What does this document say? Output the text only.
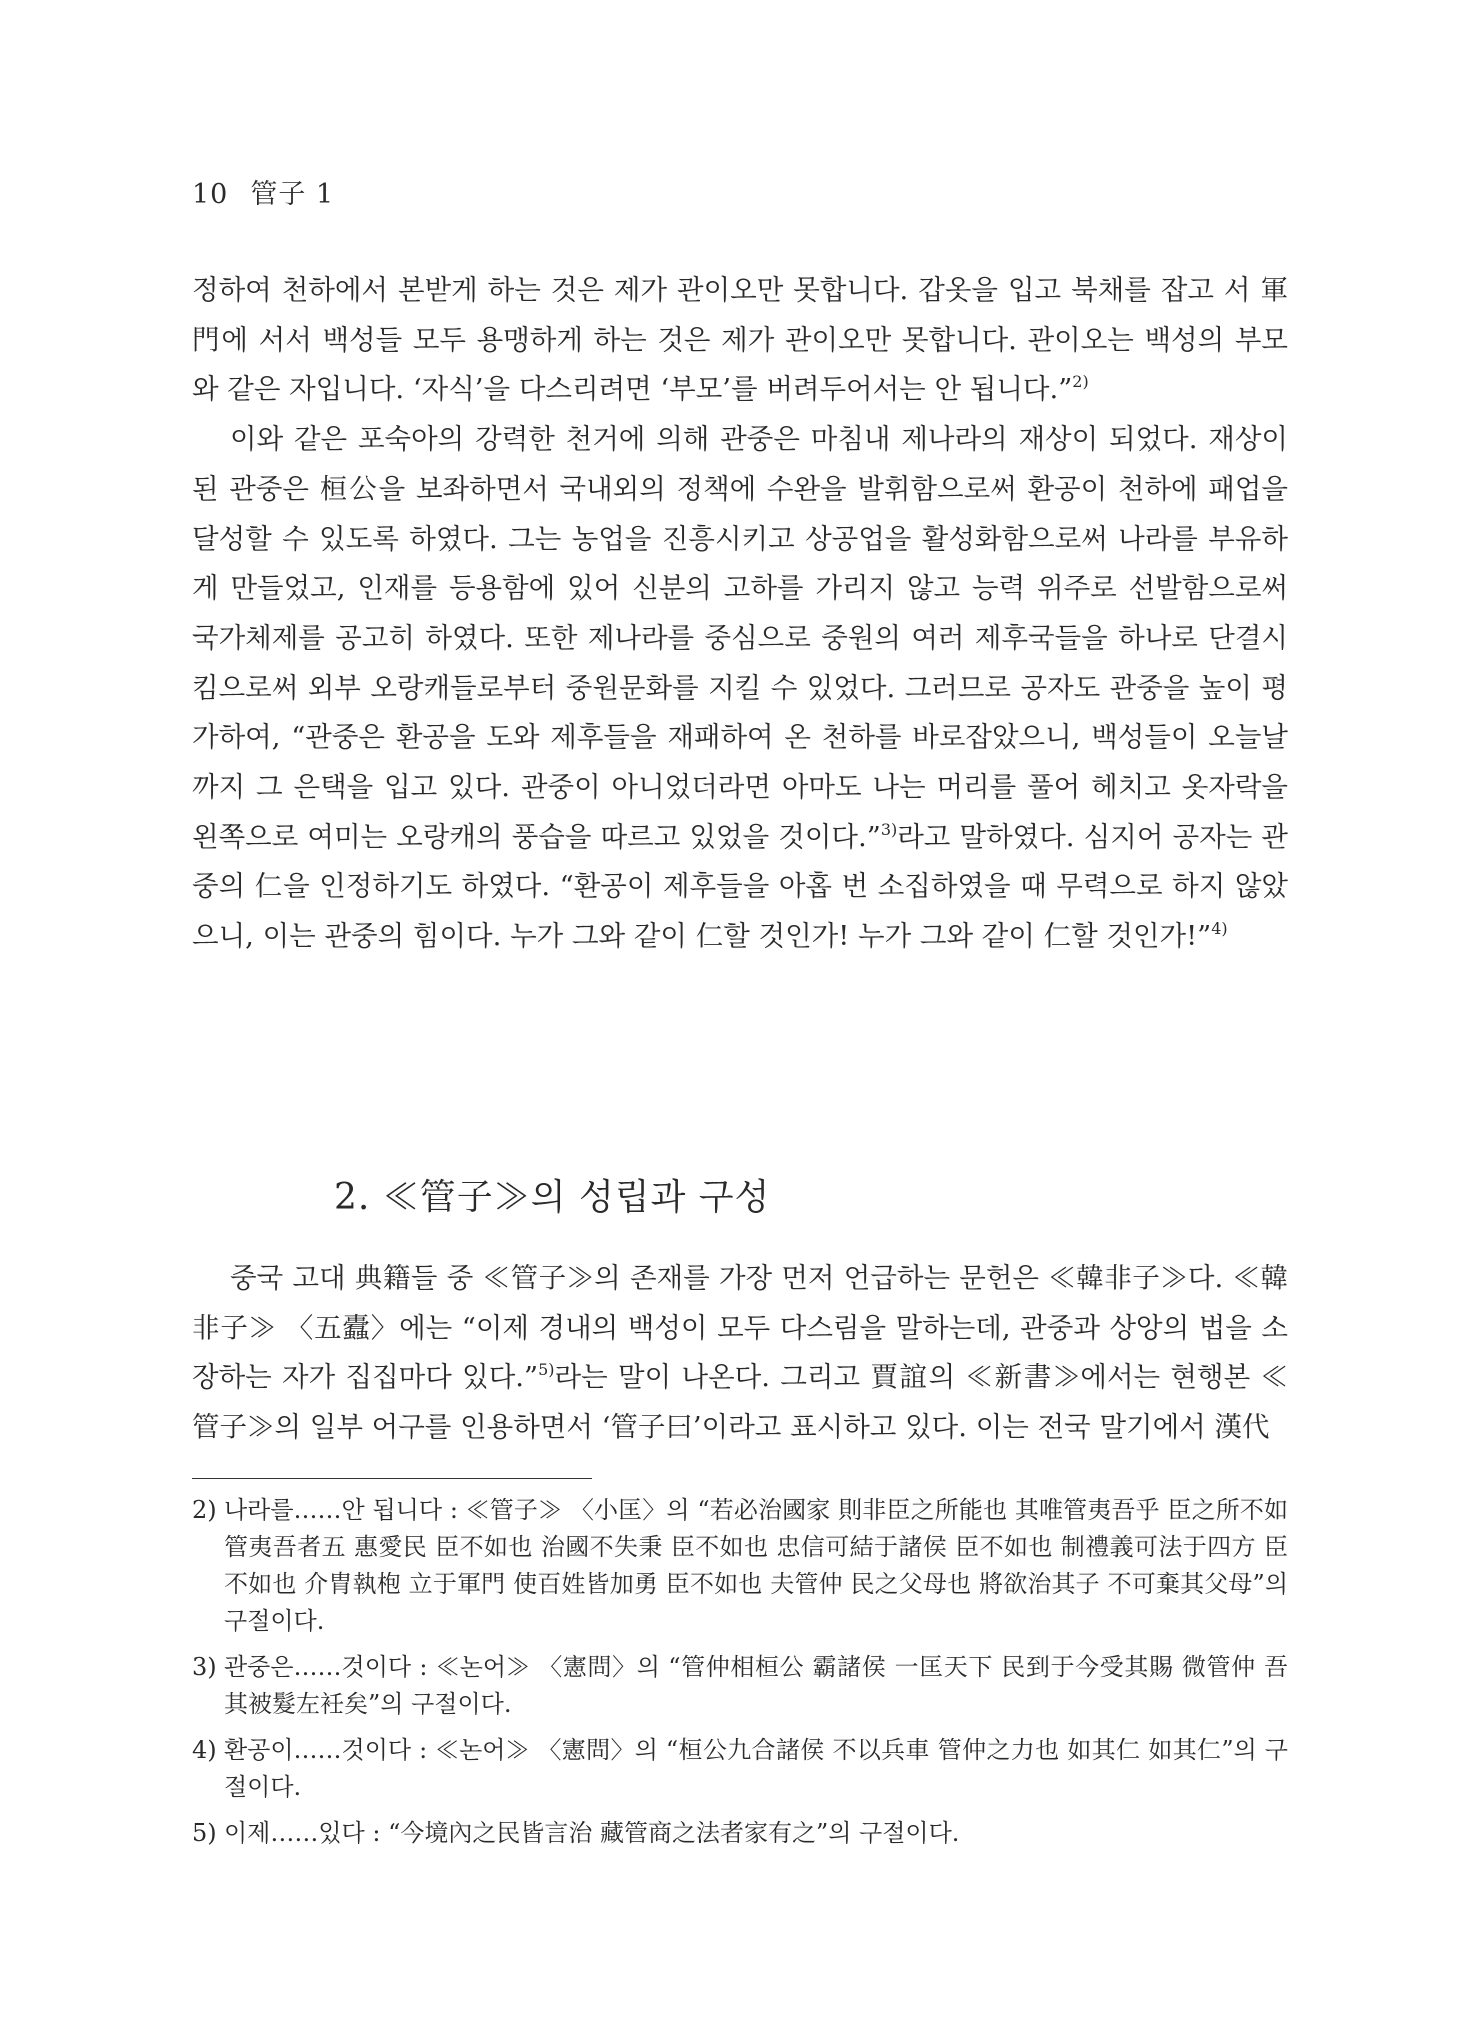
10 管子 1

정하여 천하에서 본받게 하는 것은 제가 관이오만 못합니다. 갑옷을 입고 북채를 잡고 서 軍門에 서서 백성들 모두 용맹하게 하는 것은 제가 관이오만 못합니다. 관이오는 백성의 부모와 같은 자입니다. ‘자식’을 다스리려면 ‘부모’를 버려두어서는 안 됩니다.”$^{2)}$

이와 같은 포숙아의 강력한 천거에 의해 관중은 마침내 제나라의 재상이 되었다. 재상이 된 관중은 桓公을 보좌하면서 국내외의 정책에 수완을 발휘함으로써 환공이 천하에 패업을 달성할 수 있도록 하였다. 그는 농업을 진흥시키고 상공업을 활성화함으로써 나라를 부유하게 만들었고, 인재를 등용함에 있어 신분의 고하를 가리지 않고 능력 위주로 선발함으로써 국가체제를 공고히 하였다. 또한 제나라를 중심으로 중원의 여러 제후국들을 하나로 단결시킴으로써 외부 오랑캐들로부터 중원문화를 지킬 수 있었다. 그러므로 공자도 관중을 높이 평가하여, “관중은 환공을 도와 제후들을 재패하여 온 천하를 바로잡았으니, 백성들이 오늘날까지 그 은택을 입고 있다. 관중이 아니었더라면 아마도 나는 머리를 풀어 헤치고 옷자락을 왼쪽으로 여미는 오랑캐의 풍습을 따르고 있었을 것이다.”$^{3)}$라고 말하였다. 심지어 공자는 관중의 仁을 인정하기도 하였다. “환공이 제후들을 아홉 번 소집하였을 때 무력으로 하지 않았으니, 이는 관중의 힘이다. 누가 그와 같이 仁할 것인가! 누가 그와 같이 仁할 것인가!”$^{4)}$

2. ≪管子≫의 성립과 구성

중국 고대 典籍들 중 ≪管子≫의 존재를 가장 먼저 언급하는 문헌은 ≪韓非子≫다. ≪韓非子≫ 〈五蠹〉에는 “이제 경내의 백성이 모두 다스림을 말하는데, 관중과 상앙의 법을 소장하는 자가 집집마다 있다.”$^{5)}$라는 말이 나온다. 그리고 賈誼의 ≪新書≫에서는 현행본 ≪管子≫의 일부 어구를 인용하면서 ‘管子曰’이라고 표시하고 있다. 이는 전국 말기에서 漢代

2) 나라를……안 됩니다 : ≪管子≫ 〈小匡〉의 “若必治國家 則非臣之所能也 其唯管夷吾乎 臣之所不如管夷吾者五 惠愛民 臣不如也 治國不失秉 臣不如也 忠信可結于諸侯 臣不如也 制禮義可法于四方 臣不如也 介胄執枹 立于軍門 使百姓皆加勇 臣不如也 夫管仲 民之父母也 將欲治其子 不可棄其父母”의 구절이다.
3) 관중은……것이다 : ≪논어≫ 〈憲問〉의 “管仲相桓公 霸諸侯 一匡天下 民到于今受其賜 微管仲 吾其被髮左衽矣”의 구절이다.
4) 환공이……것이다 : ≪논어≫ 〈憲問〉의 “桓公九合諸侯 不以兵車 管仲之力也 如其仁 如其仁”의 구절이다.
5) 이제……있다 : “今境內之民皆言治 藏管商之法者家有之”의 구절이다.
